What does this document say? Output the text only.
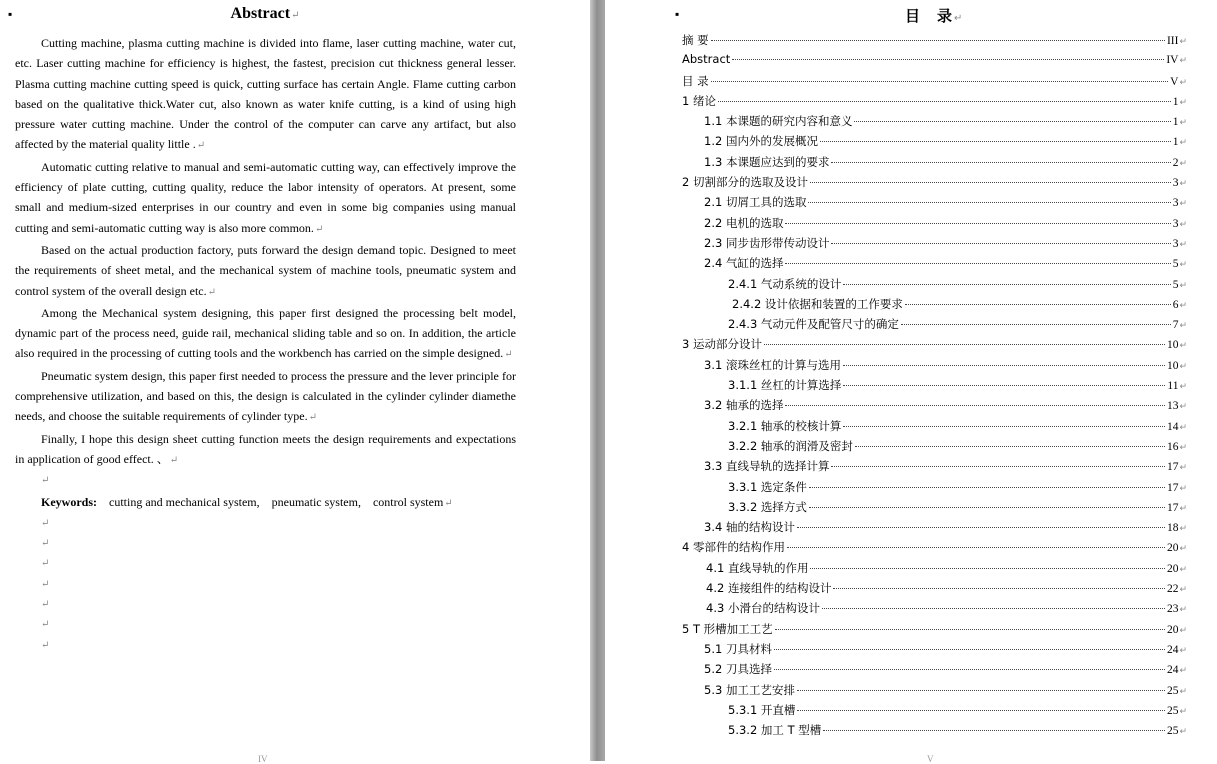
▪	Abstract↵

Cutting machine, plasma cutting machine is divided into flame, laser cutting machine, water cut, etc. Laser cutting machine for efficiency is highest, the fastest, precision cut thickness general lesser. Plasma cutting machine cutting speed is quick, cutting surface has certain Angle. Flame cutting carbon based on the qualitative thick.Water cut, also known as water knife cutting, is a kind of using high pressure water cutting machine. Under the control of the computer can carve any artifact, but also affected by the material quality little .↵

Automatic cutting relative to manual and semi-automatic cutting way, can effectively improve the efficiency of plate cutting, cutting quality, reduce the labor intensity of operators. At present, some small and medium-sized enterprises in our country and even in some big companies using manual cutting and semi-automatic cutting way is also more common.↵

Based on the actual production factory, puts forward the design demand topic. Designed to meet the requirements of sheet metal, and the mechanical system of machine tools, pneumatic system and control system of the overall design etc.↵

Among the Mechanical system designing, this paper first designed the processing belt model, dynamic part of the process need, guide rail, mechanical sliding table and so on. In addition, the article also required in the processing of cutting tools and the workbench has carried on the simple designed.↵

Pneumatic system design, this paper first needed to process the pressure and the lever principle for comprehensive utilization, and based on this, the design is calculated in the cylinder cylinder diamethe needs, and choose the suitable requirements of cylinder type.↵

Finally, I hope this design sheet cutting function meets the design requirements and expectations in application of good effect. 、↵

↵

Keywords: cutting and mechanical system, pneumatic system, control system↵

↵
↵
↵
↵
↵
↵
↵
IV
▪	目　录↵
摘 要	III ↵
Abstract	IV ↵
目 录	V ↵
1 绪论	1 ↵
1.1 本课题的研究内容和意义	1 ↵
1.2 国内外的发展概况	1 ↵
1.3 本课题应达到的要求	2 ↵
2 切割部分的选取及设计	3 ↵
2.1 切屑工具的选取	3 ↵
2.2 电机的选取	3 ↵
2.3 同步齿形带传动设计	3 ↵
2.4 气缸的选择	5 ↵
2.4.1 气动系统的设计	5 ↵
2.4.2 设计依据和装置的工作要求	6 ↵
2.4.3 气动元件及配管尺寸的确定	7 ↵
3 运动部分设计	10 ↵
3.1 滚珠丝杠的计算与选用	10 ↵
3.1.1 丝杠的计算选择	11 ↵
3.2 轴承的选择	13 ↵
3.2.1 轴承的校核计算	14 ↵
3.2.2 轴承的润滑及密封	16 ↵
3.3 直线导轨的选择计算	17 ↵
3.3.1 选定条件	17 ↵
3.3.2 选择方式	17 ↵
3.4 轴的结构设计	18 ↵
4 零部件的结构作用	20 ↵
4.1 直线导轨的作用	20 ↵
4.2 连接组件的结构设计	22 ↵
4.3 小滑台的结构设计	23 ↵
5 T 形槽加工工艺	20 ↵
5.1 刀具材料	24 ↵
5.2 刀具选择	24 ↵
5.3 加工工艺安排	25 ↵
5.3.1 开直槽	25 ↵
5.3.2 加工 T 型槽	25 ↵
V
